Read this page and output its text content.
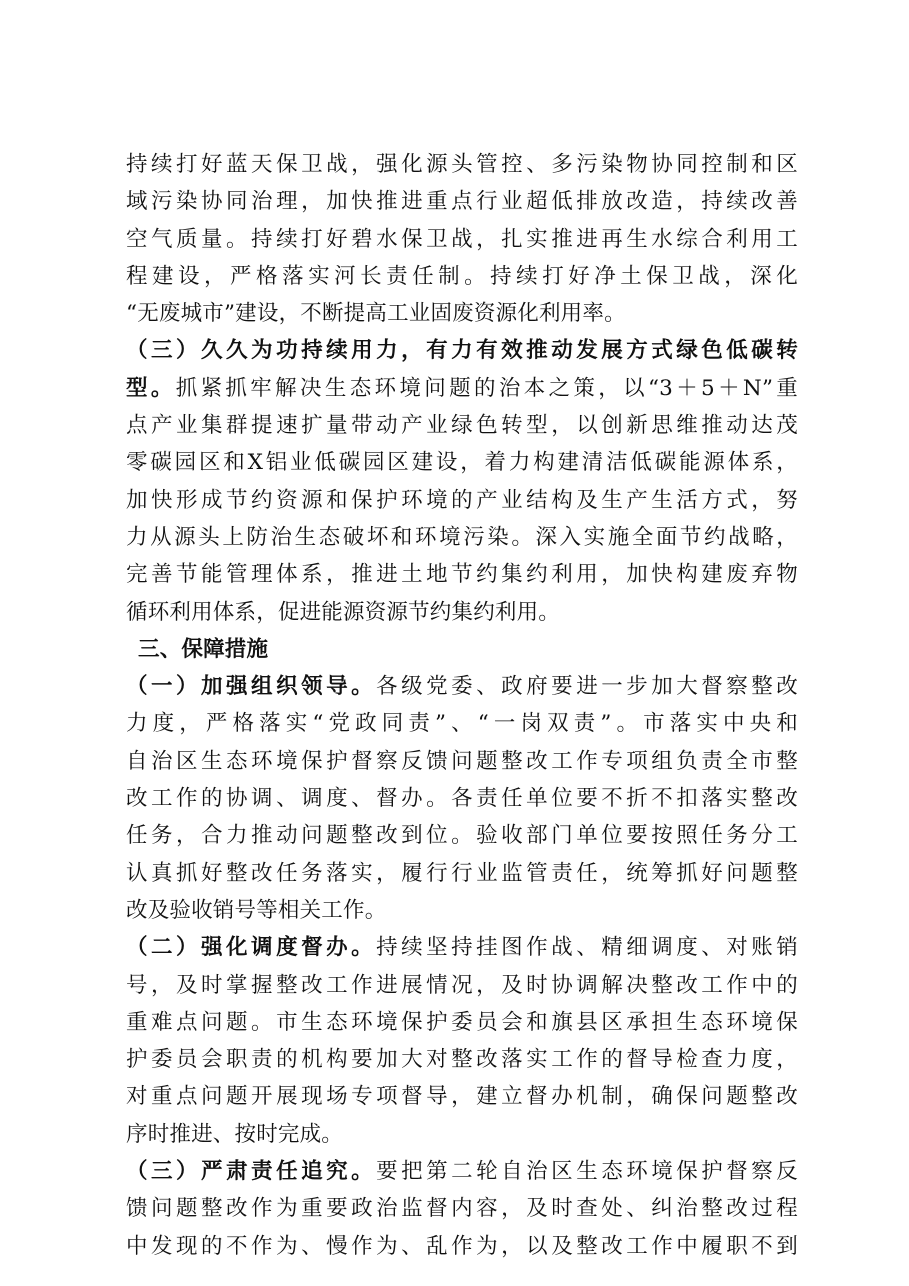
持续打好蓝天保卫战，强化源头管控、多污染物协同控制和区
域污染协同治理，加快推进重点行业超低排放改造，持续改善
空气质量。持续打好碧水保卫战，扎实推进再生水综合利用工
程建设，严格落实河长责任制。持续打好净土保卫战，深化
“无废城市”建设，不断提高工业固废资源化利用率。
（三）久久为功持续用力，有力有效推动发展方式绿色低碳转
型。抓紧抓牢解决生态环境问题的治本之策，以“3＋5＋N”重
点产业集群提速扩量带动产业绿色转型，以创新思维推动达茂
零碳园区和X铝业低碳园区建设，着力构建清洁低碳能源体系，
加快形成节约资源和保护环境的产业结构及生产生活方式，努
力从源头上防治生态破坏和环境污染。深入实施全面节约战略，
完善节能管理体系，推进土地节约集约利用，加快构建废弃物
循环利用体系，促进能源资源节约集约利用。
三、保障措施
（一）加强组织领导。各级党委、政府要进一步加大督察整改
力度，严格落实“党政同责”、“一岗双责”。市落实中央和
自治区生态环境保护督察反馈问题整改工作专项组负责全市整
改工作的协调、调度、督办。各责任单位要不折不扣落实整改
任务，合力推动问题整改到位。验收部门单位要按照任务分工
认真抓好整改任务落实，履行行业监管责任，统筹抓好问题整
改及验收销号等相关工作。
（二）强化调度督办。持续坚持挂图作战、精细调度、对账销
号，及时掌握整改工作进展情况，及时协调解决整改工作中的
重难点问题。市生态环境保护委员会和旗县区承担生态环境保
护委员会职责的机构要加大对整改落实工作的督导检查力度，
对重点问题开展现场专项督导，建立督办机制，确保问题整改
序时推进、按时完成。
（三）严肃责任追究。要把第二轮自治区生态环境保护督察反
馈问题整改作为重要政治监督内容，及时查处、纠治整改过程
中发现的不作为、慢作为、乱作为，以及整改工作中履职不到
